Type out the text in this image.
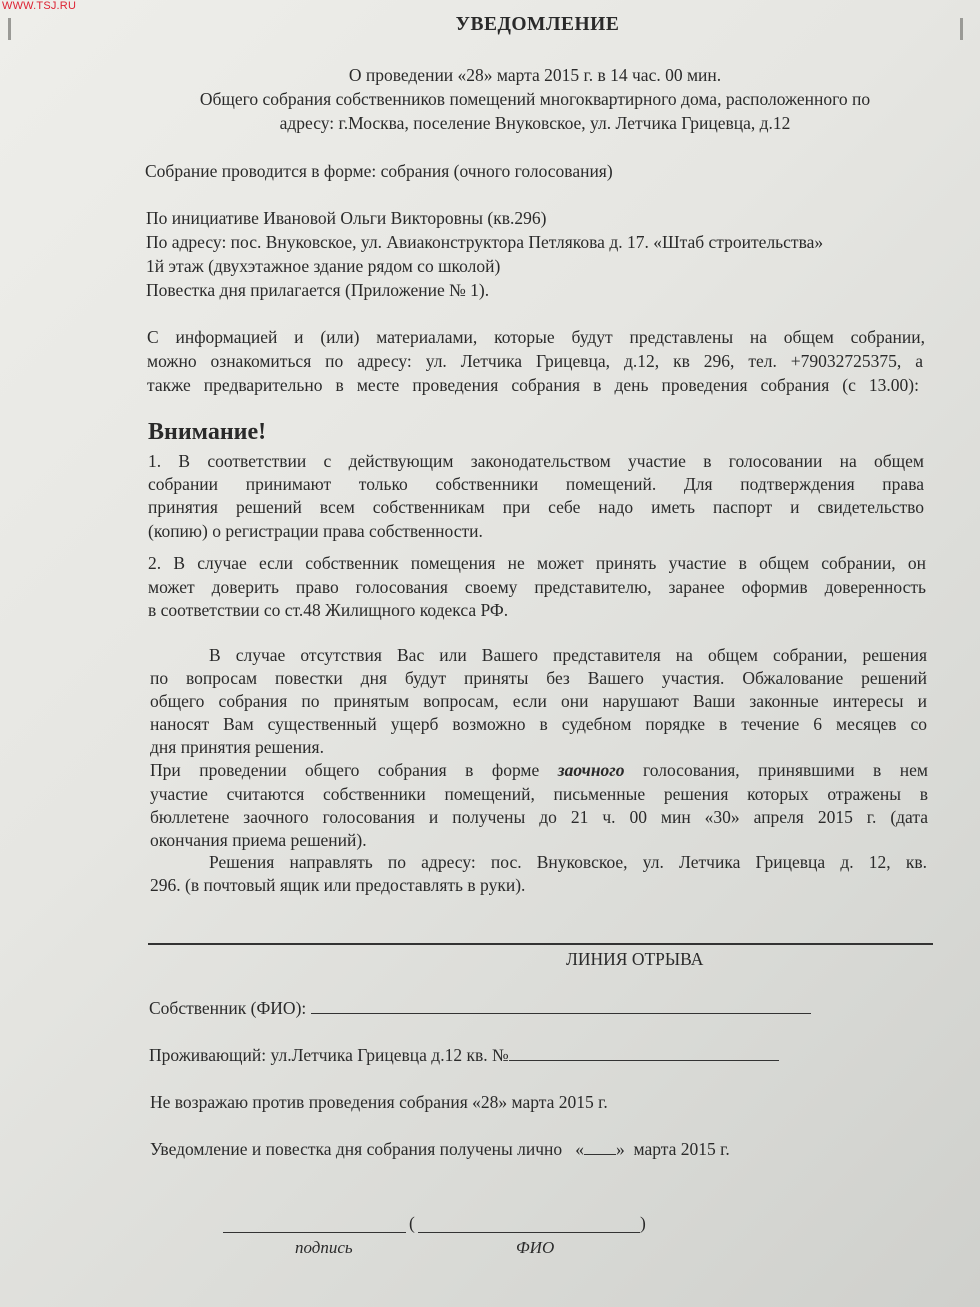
WWW.TSJ.RU
УВЕДОМЛЕНИЕ
О проведении «28» марта 2015 г. в 14 час. 00 мин.
Общего собрания собственников помещений многоквартирного дома, расположенного по
адресу: г.Москва, поселение Внуковское, ул. Летчика Грицевца, д.12
Собрание проводится в форме: собрания (очного голосования)
По инициативе Ивановой Ольги Викторовны (кв.296)
По адресу: пос. Внуковское, ул. Авиаконструктора Петлякова д. 17. «Штаб строительства»
1й этаж (двухэтажное здание рядом со школой)
Повестка дня прилагается (Приложение № 1).
С информацией и (или) материалами, которые будут представлены на общем собрании,
можно ознакомиться по адресу: ул. Летчика Грицевца, д.12, кв 296, тел. +79032725375, а
также предварительно в месте проведения собрания в день проведения собрания (с 13.00):
Внимание!
1. В соответствии с действующим законодательством участие в голосовании на общем
собрании принимают только собственники помещений. Для подтверждения права
принятия решений всем собственникам при себе надо иметь паспорт и свидетельство
(копию) о регистрации права собственности.
2. В случае если собственник помещения не может принять участие в общем собрании, он
может доверить право голосования своему представителю, заранее оформив доверенность
в соответствии со ст.48 Жилищного кодекса РФ.
В случае отсутствия Вас или Вашего представителя на общем собрании, решения
по вопросам повестки дня будут приняты без Вашего участия. Обжалование решений
общего собрания по принятым вопросам, если они нарушают Ваши законные интересы и
наносят Вам существенный ущерб возможно в судебном порядке в течение 6 месяцев со
дня принятия решения.
При проведении общего собрания в форме заочного голосования, принявшими в нем
участие считаются собственники помещений, письменные решения которых отражены в
бюллетене заочного голосования и получены до 21 ч. 00 мин «30» апреля 2015 г. (дата
окончания приема решений).
Решения направлять по адресу: пос. Внуковское, ул. Летчика Грицевца д. 12, кв.
296. (в почтовый ящик или предоставлять в руки).
ЛИНИЯ ОТРЫВА
Собственник (ФИО):
Проживающий: ул.Летчика Грицевца д.12 кв. №
Не возражаю против проведения собрания «28» марта 2015 г.
Уведомление и повестка дня собрания получены лично « » марта 2015 г.
(	)
подпись	ФИО
